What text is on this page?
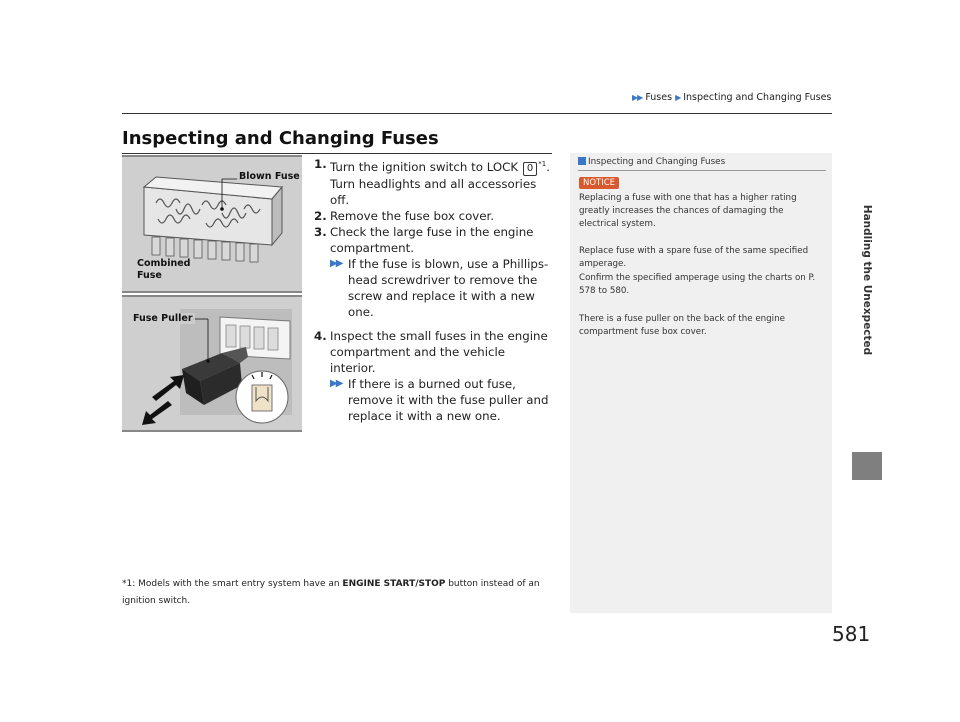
▶▶ Fuses ▶ Inspecting and Changing Fuses
Inspecting and Changing Fuses
Handling the Unexpected
Blown Fuse
Combined
Fuse
Fuse Puller
1. Turn the ignition switch to LOCK 0 $^{*1}$. Turn headlights and all accessories off.
2. Remove the fuse box cover.
3. Check the large fuse in the engine compartment.
▶▶ If the fuse is blown, use a Phillips-head screwdriver to remove the screw and replace it with a new one.
4. Inspect the small fuses in the engine compartment and the vehicle interior.
▶▶ If there is a burned out fuse, remove it with the fuse puller and replace it with a new one.
*1: Models with the smart entry system have an ENGINE START/STOP button instead of an ignition switch.
Inspecting and Changing Fuses
NOTICE
Replacing a fuse with one that has a higher rating greatly increases the chances of damaging the electrical system.
Replace fuse with a spare fuse of the same specified amperage.
Confirm the specified amperage using the charts on P. 578 to 580.
There is a fuse puller on the back of the engine compartment fuse box cover.
581
